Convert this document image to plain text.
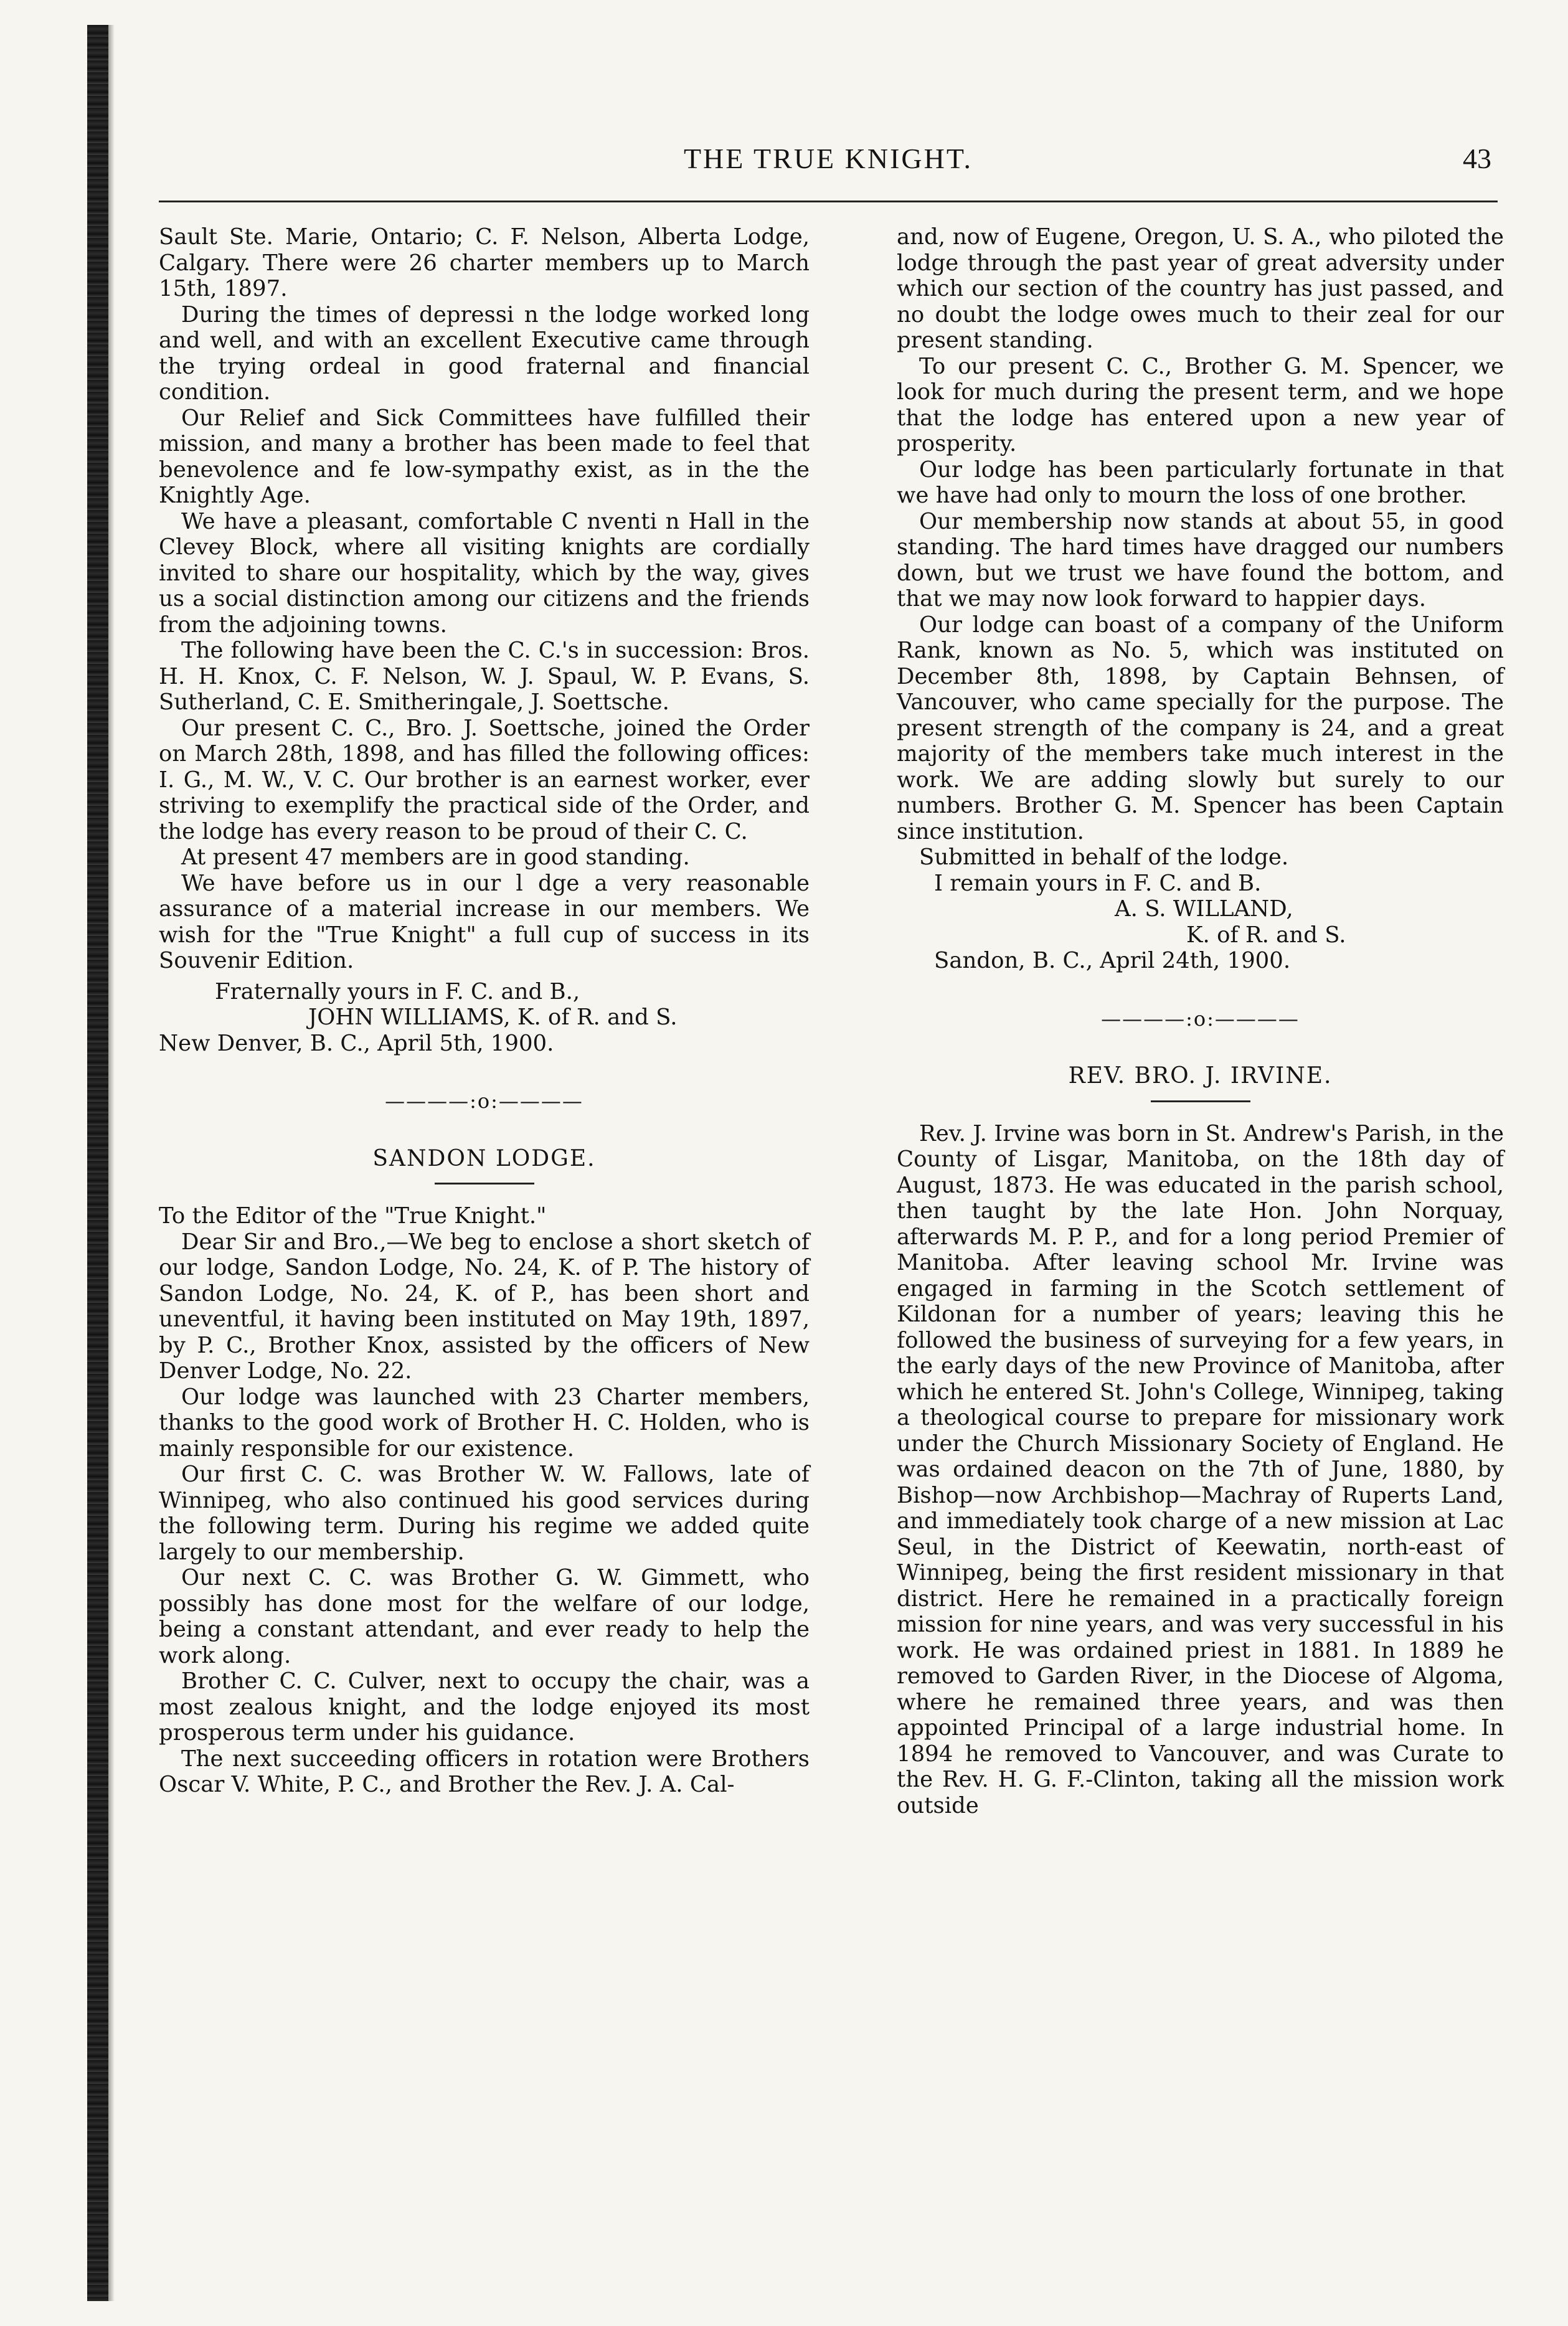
THE TRUE KNIGHT.	43

Sault Ste. Marie, Ontario; C. F. Nelson, Alberta Lodge, Calgary. There were 26 charter members up to March 15th, 1897.

During the times of depressi n the lodge worked long and well, and with an excellent Executive came through the trying ordeal in good fraternal and financial condition.

Our Relief and Sick Committees have fulfilled their mission, and many a brother has been made to feel that benevolence and fe low-sympathy exist, as in the the Knightly Age.

We have a pleasant, comfortable C nventi n Hall in the Clevey Block, where all visiting knights are cordially invited to share our hospitality, which by the way, gives us a social distinction among our citizens and the friends from the adjoining towns.

The following have been the C. C.'s in succession: Bros. H. H. Knox, C. F. Nelson, W. J. Spaul, W. P. Evans, S. Sutherland, C. E. Smitheringale, J. Soettsche.

Our present C. C., Bro. J. Soettsche, joined the Order on March 28th, 1898, and has filled the following offices: I. G., M. W., V. C. Our brother is an earnest worker, ever striving to exemplify the practical side of the Order, and the lodge has every reason to be proud of their C. C.

At present 47 members are in good standing.

We have before us in our l dge a very reasonable assurance of a material increase in our members. We wish for the "True Knight" a full cup of success in its Souvenir Edition.

Fraternally yours in F. C. and B.,
JOHN WILLIAMS, K. of R. and S.
New Denver, B. C., April 5th, 1900.
————:o:————
SANDON LODGE.

To the Editor of the "True Knight."

Dear Sir and Bro.,—We beg to enclose a short sketch of our lodge, Sandon Lodge, No. 24, K. of P. The history of Sandon Lodge, No. 24, K. of P., has been short and uneventful, it having been instituted on May 19th, 1897, by P. C., Brother Knox, assisted by the officers of New Denver Lodge, No. 22.

Our lodge was launched with 23 Charter members, thanks to the good work of Brother H. C. Holden, who is mainly responsible for our existence.

Our first C. C. was Brother W. W. Fallows, late of Winnipeg, who also continued his good services during the following term. During his regime we added quite largely to our membership.

Our next C. C. was Brother G. W. Gimmett, who possibly has done most for the welfare of our lodge, being a constant attendant, and ever ready to help the work along.

Brother C. C. Culver, next to occupy the chair, was a most zealous knight, and the lodge enjoyed its most prosperous term under his guidance.

The next succeeding officers in rotation were Brothers Oscar V. White, P. C., and Brother the Rev. J. A. Cal-

and, now of Eugene, Oregon, U. S. A., who piloted the lodge through the past year of great adversity under which our section of the country has just passed, and no doubt the lodge owes much to their zeal for our present standing.

To our present C. C., Brother G. M. Spencer, we look for much during the present term, and we hope that the lodge has entered upon a new year of prosperity.

Our lodge has been particularly fortunate in that we have had only to mourn the loss of one brother.

Our membership now stands at about 55, in good standing. The hard times have dragged our numbers down, but we trust we have found the bottom, and that we may now look forward to happier days.

Our lodge can boast of a company of the Uniform Rank, known as No. 5, which was instituted on December 8th, 1898, by Captain Behnsen, of Vancouver, who came specially for the purpose. The present strength of the company is 24, and a great majority of the members take much interest in the work. We are adding slowly but surely to our numbers. Brother G. M. Spencer has been Captain since institution.

Submitted in behalf of the lodge.

I remain yours in F. C. and B.
A. S. WILLAND,
K. of R. and S.
Sandon, B. C., April 24th, 1900.
————:o:————
REV. BRO. J. IRVINE.

Rev. J. Irvine was born in St. Andrew's Parish, in the County of Lisgar, Manitoba, on the 18th day of August, 1873. He was educated in the parish school, then taught by the late Hon. John Norquay, afterwards M. P. P., and for a long period Premier of Manitoba. After leaving school Mr. Irvine was engaged in farming in the Scotch settlement of Kildonan for a number of years; leaving this he followed the business of surveying for a few years, in the early days of the new Province of Manitoba, after which he entered St. John's College, Winnipeg, taking a theological course to prepare for missionary work under the Church Missionary Society of England. He was ordained deacon on the 7th of June, 1880, by Bishop—now Archbishop—Machray of Ruperts Land, and immediately took charge of a new mission at Lac Seul, in the District of Keewatin, north-east of Winnipeg, being the first resident missionary in that district. Here he remained in a practically foreign mission for nine years, and was very successful in his work. He was ordained priest in 1881. In 1889 he removed to Garden River, in the Diocese of Algoma, where he remained three years, and was then appointed Principal of a large industrial home. In 1894 he removed to Vancouver, and was Curate to the Rev. H. G. F.-Clinton, taking all the mission work outside
